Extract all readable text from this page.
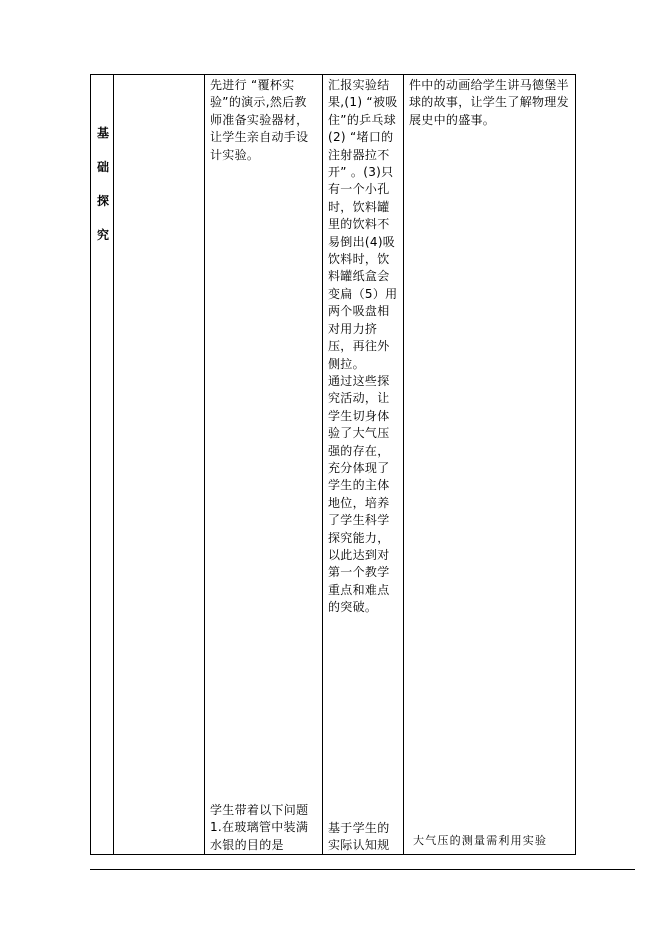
基
础
探
究
先进行 “覆杯实验”的演示,然后教师准备实验器材，让学生亲自动手设计实验。
汇报实验结果,(1) “被吸住”的乒乓球(2) “堵口的注射器拉不开” 。(3)只有一个小孔时，饮料罐里的饮料不易倒出(4)吸饮料时，饮料罐纸盒会变扁（5）用两个吸盘相对用力挤压，再往外侧拉。
通过这些探究活动，让学生切身体验了大气压强的存在，充分体现了学生的主体地位，培养了学生科学探究能力，以此达到对第一个教学重点和难点的突破。
件中的动画给学生讲马德堡半球的故事，让学生了解物理发展史中的盛事。
学生带着以下问题1.在玻璃管中装满水银的目的是
基于学生的实际认知规	大气压的测量需利用实验
